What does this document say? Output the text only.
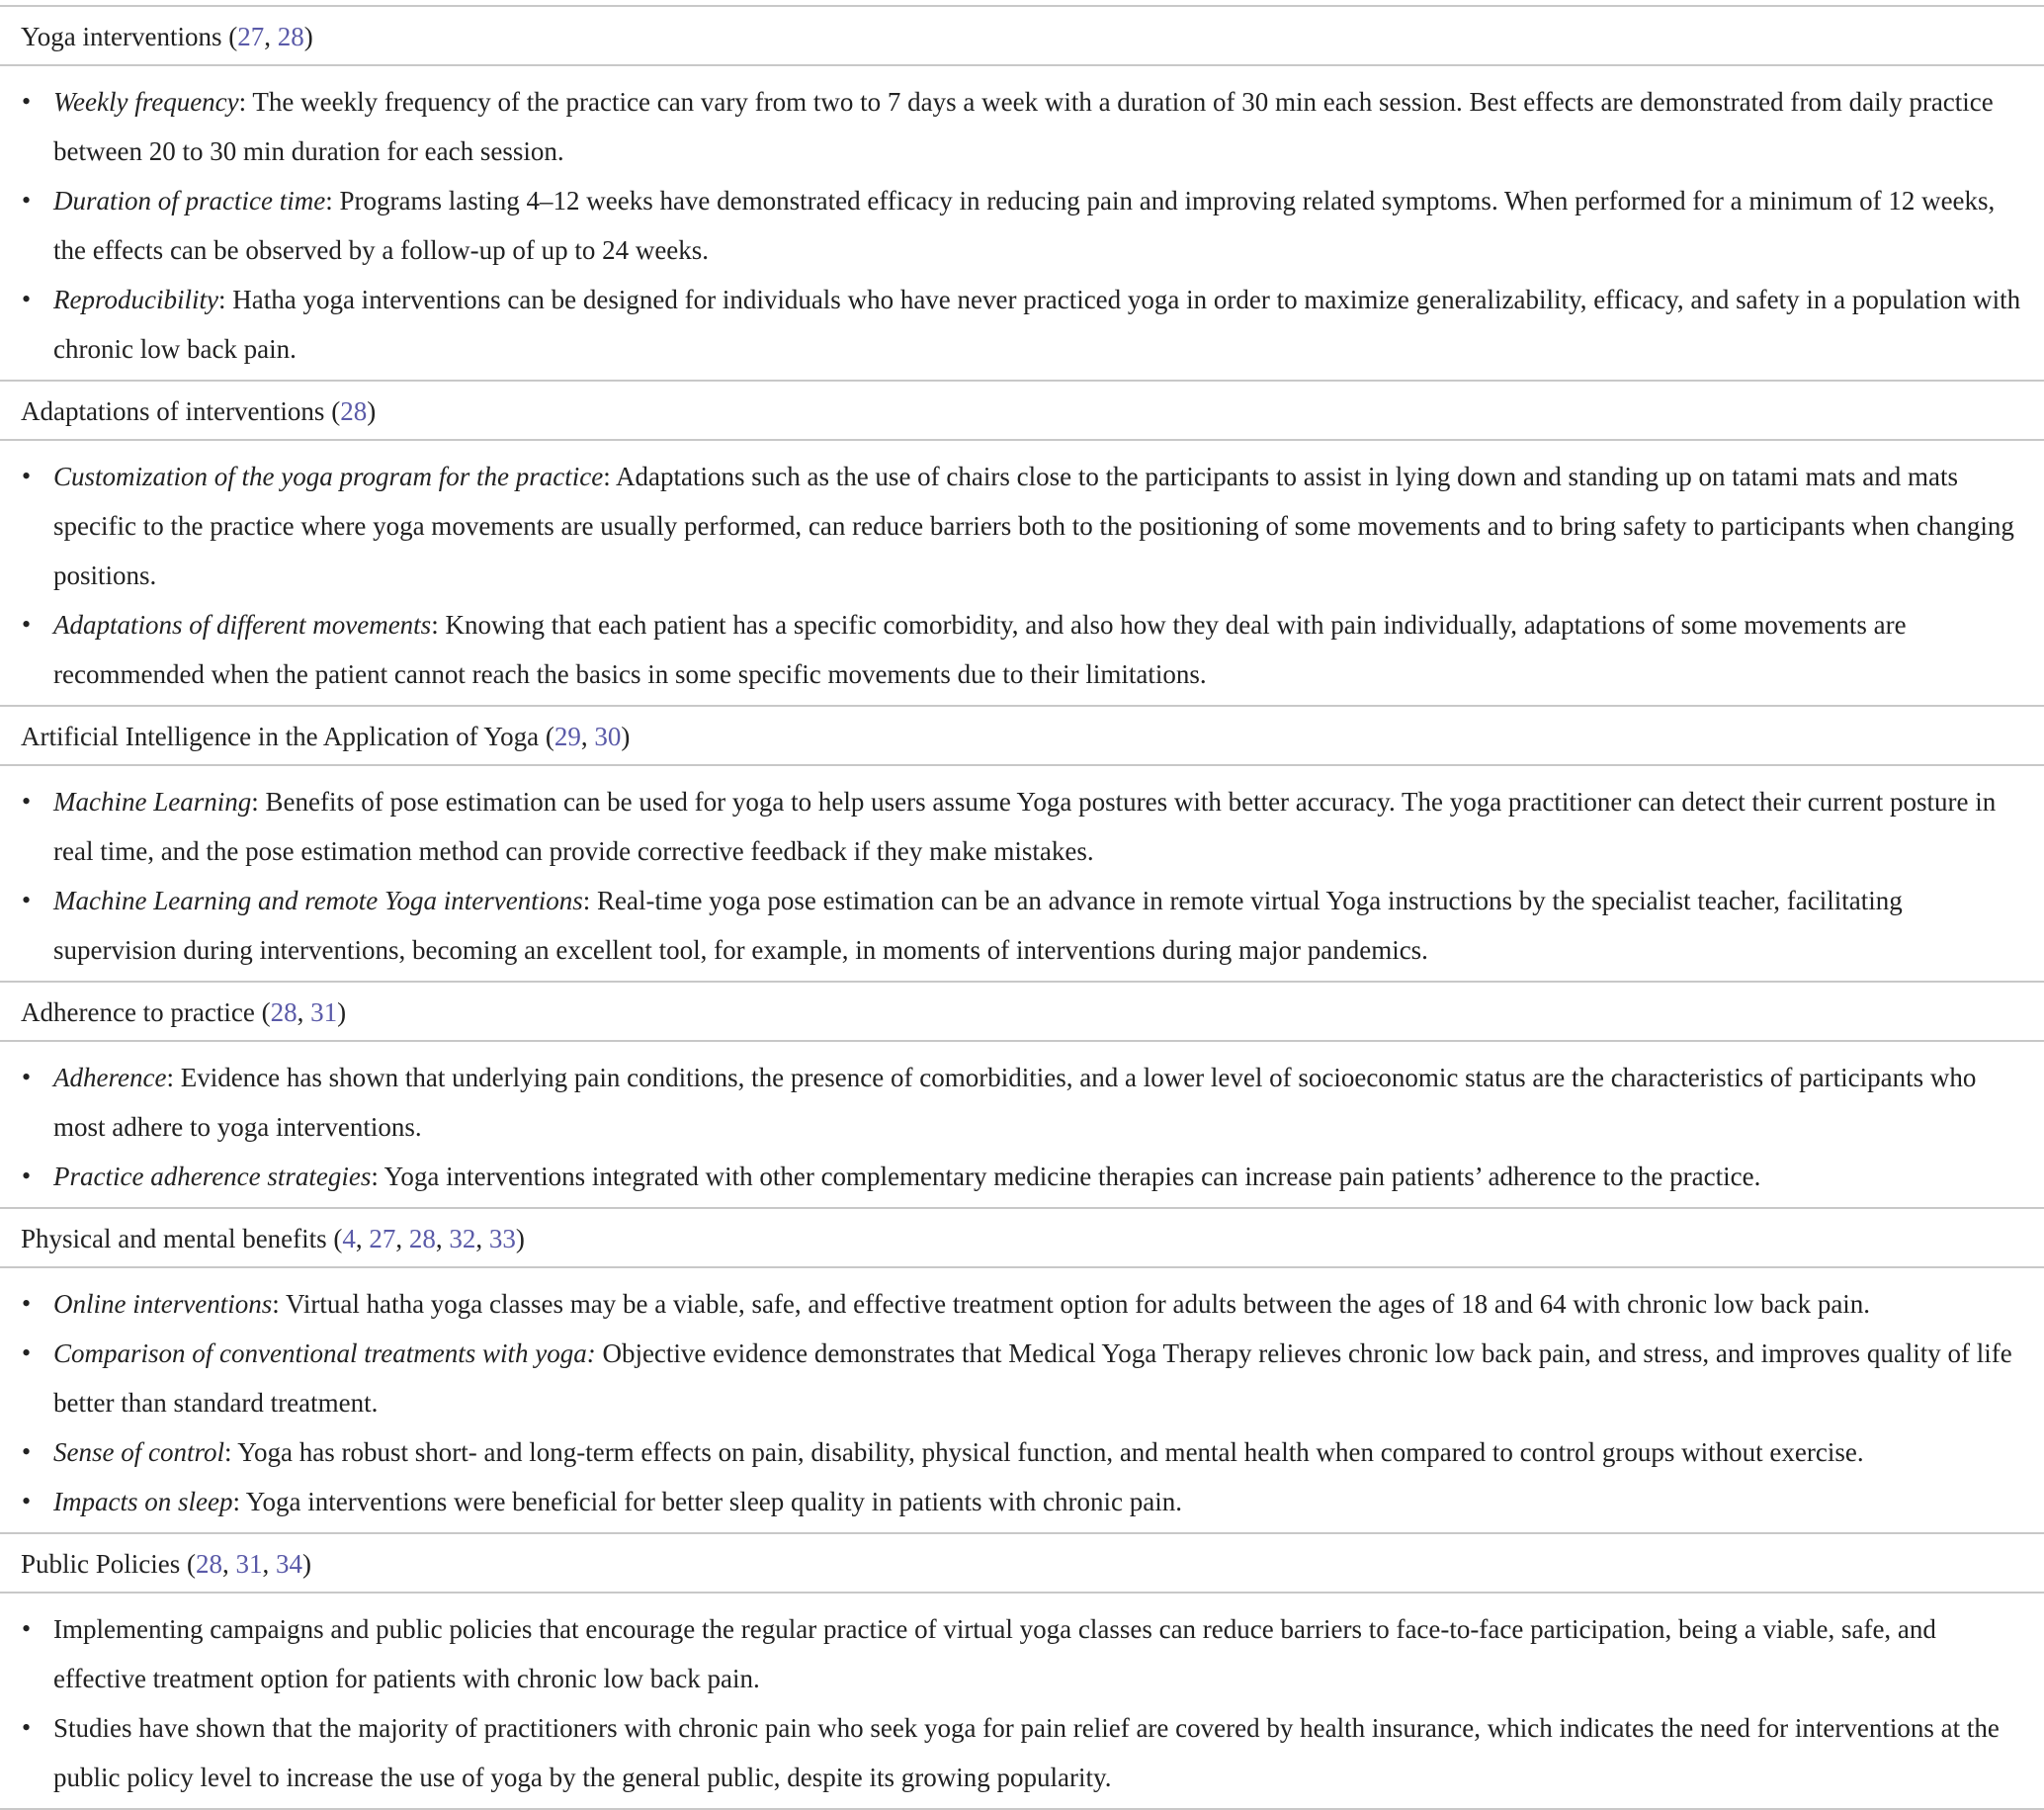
Yoga interventions (27, 28)
• Weekly frequency: The weekly frequency of the practice can vary from two to 7 days a week with a duration of 30 min each session. Best effects are demonstrated from daily practice between 20 to 30 min duration for each session.
• Duration of practice time: Programs lasting 4–12 weeks have demonstrated efficacy in reducing pain and improving related symptoms. When performed for a minimum of 12 weeks, the effects can be observed by a follow-up of up to 24 weeks.
• Reproducibility: Hatha yoga interventions can be designed for individuals who have never practiced yoga in order to maximize generalizability, efficacy, and safety in a population with chronic low back pain.
Adaptations of interventions (28)
• Customization of the yoga program for the practice: Adaptations such as the use of chairs close to the participants to assist in lying down and standing up on tatami mats and mats specific to the practice where yoga movements are usually performed, can reduce barriers both to the positioning of some movements and to bring safety to participants when changing positions.
• Adaptations of different movements: Knowing that each patient has a specific comorbidity, and also how they deal with pain individually, adaptations of some movements are recommended when the patient cannot reach the basics in some specific movements due to their limitations.
Artificial Intelligence in the Application of Yoga (29, 30)
• Machine Learning: Benefits of pose estimation can be used for yoga to help users assume Yoga postures with better accuracy. The yoga practitioner can detect their current posture in real time, and the pose estimation method can provide corrective feedback if they make mistakes.
• Machine Learning and remote Yoga interventions: Real-time yoga pose estimation can be an advance in remote virtual Yoga instructions by the specialist teacher, facilitating supervision during interventions, becoming an excellent tool, for example, in moments of interventions during major pandemics.
Adherence to practice (28, 31)
• Adherence: Evidence has shown that underlying pain conditions, the presence of comorbidities, and a lower level of socioeconomic status are the characteristics of participants who most adhere to yoga interventions.
• Practice adherence strategies: Yoga interventions integrated with other complementary medicine therapies can increase pain patients’ adherence to the practice.
Physical and mental benefits (4, 27, 28, 32, 33)
• Online interventions: Virtual hatha yoga classes may be a viable, safe, and effective treatment option for adults between the ages of 18 and 64 with chronic low back pain.
• Comparison of conventional treatments with yoga: Objective evidence demonstrates that Medical Yoga Therapy relieves chronic low back pain, and stress, and improves quality of life better than standard treatment.
• Sense of control: Yoga has robust short- and long-term effects on pain, disability, physical function, and mental health when compared to control groups without exercise.
• Impacts on sleep: Yoga interventions were beneficial for better sleep quality in patients with chronic pain.
Public Policies (28, 31, 34)
• Implementing campaigns and public policies that encourage the regular practice of virtual yoga classes can reduce barriers to face-to-face participation, being a viable, safe, and effective treatment option for patients with chronic low back pain.
• Studies have shown that the majority of practitioners with chronic pain who seek yoga for pain relief are covered by health insurance, which indicates the need for interventions at the public policy level to increase the use of yoga by the general public, despite its growing popularity.
